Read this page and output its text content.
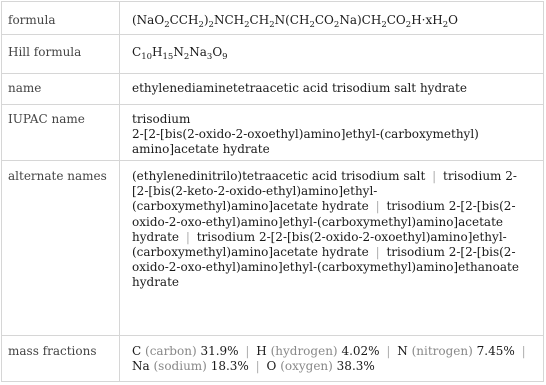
formula	$(NaO_2CCH_2)_2NCH_2CH_2N(CH_2CO_2Na)CH_2CO_2H\cdot xH_2O$
Hill formula	$C_{10}H_{15}N_2Na_3O_9$
name	ethylenediaminetetraacetic acid trisodium salt hydrate
IUPAC name	trisodium
2-[2-[bis(2-oxido-2-oxoethyl)amino]ethyl-(carboxymethyl)
amino]acetate hydrate
alternate names	(ethylenedinitrilo)tetraacetic acid trisodium salt | trisodium 2-[2-[bis(2-keto-2-oxido-ethyl)amino]ethyl-(carboxymethyl)amino]acetate hydrate | trisodium 2-[2-[bis(2-oxido-2-oxo-ethyl)amino]ethyl-(carboxymethyl)amino]acetate hydrate | trisodium 2-[2-[bis(2-oxido-2-oxoethyl)amino]ethyl-(carboxymethyl)amino]acetate hydrate | trisodium 2-[2-[bis(2-oxido-2-oxo-ethyl)amino]ethyl-(carboxymethyl)amino]ethanoate hydrate
mass fractions	C (carbon) 31.9% | H (hydrogen) 4.02% | N (nitrogen) 7.45% | Na (sodium) 18.3% | O (oxygen) 38.3%
